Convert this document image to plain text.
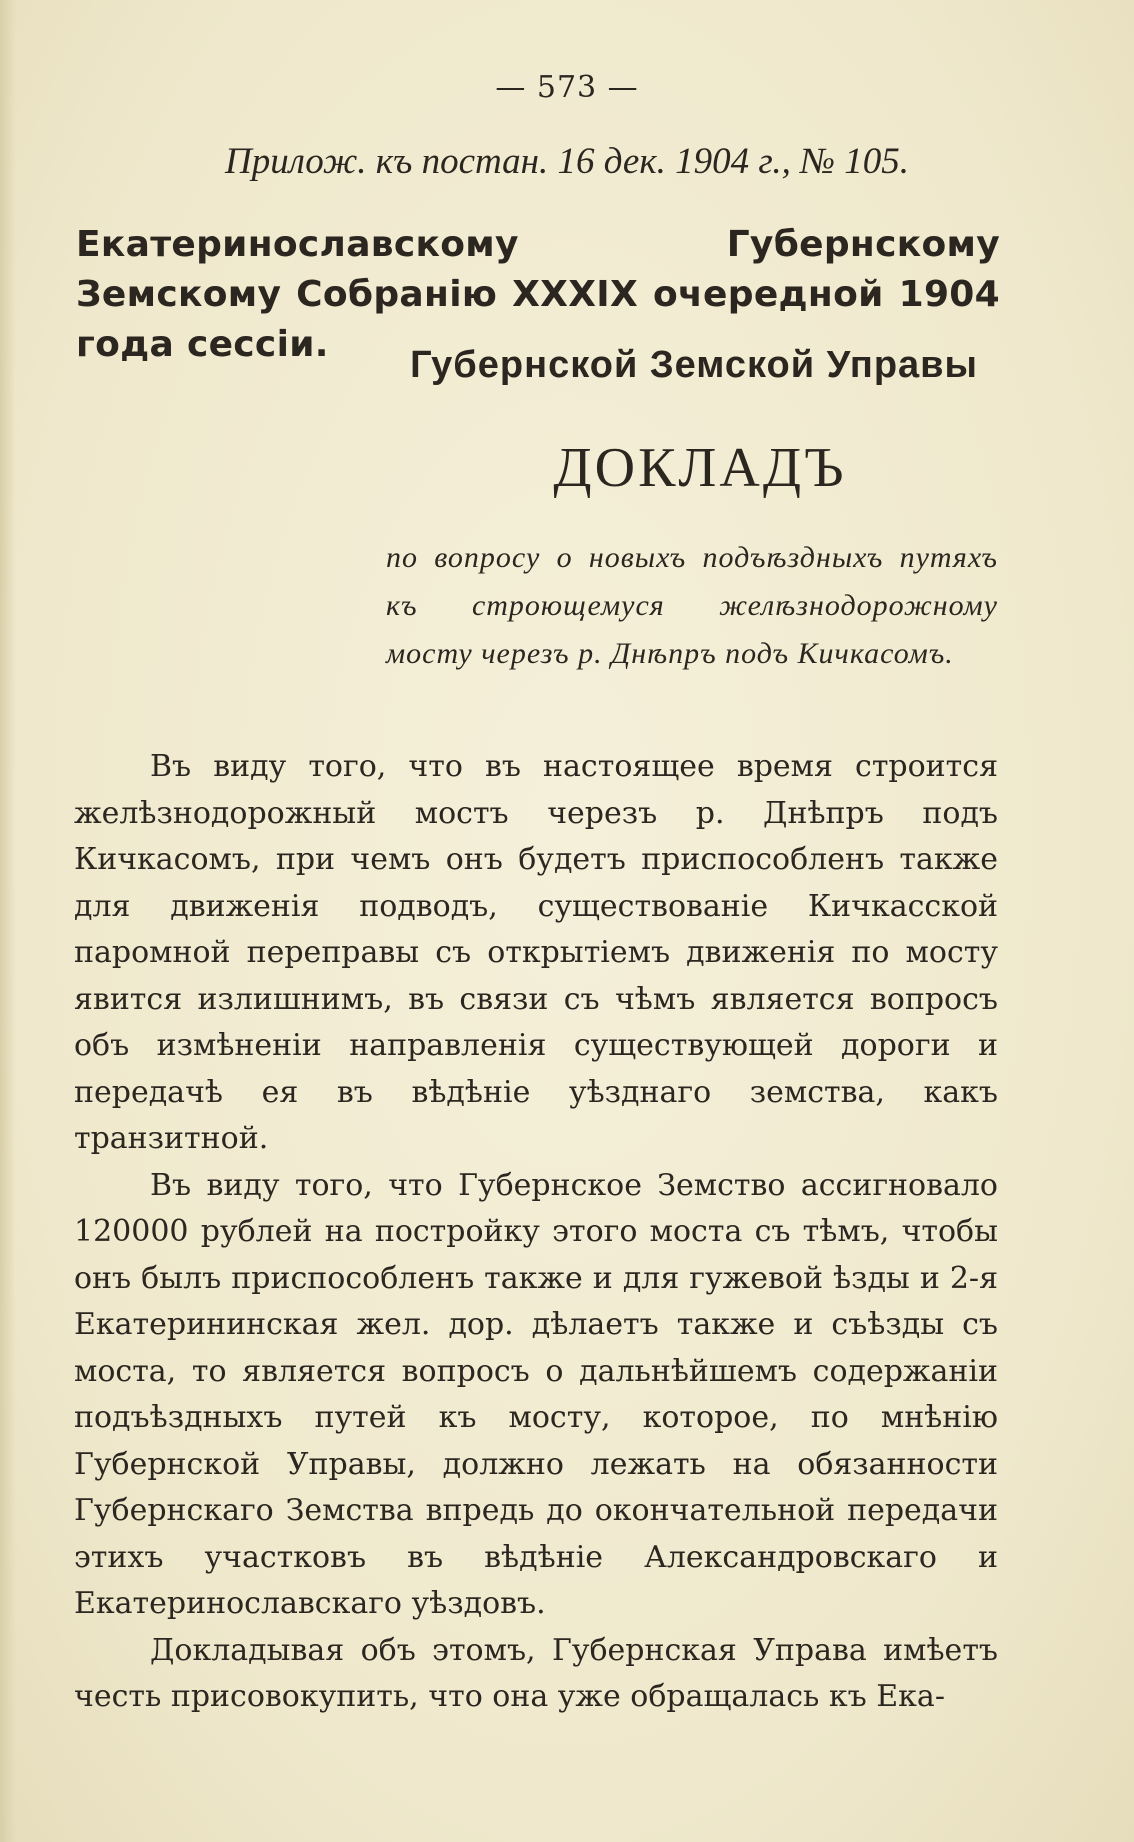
— 573 —
Прилож. къ постан. 16 дек. 1904 г., № 105.
Екатеринославскому Губернскому Земскому Собранію XXXIX очередной 1904 года сессіи.	Губернской Земской Управы
ДОКЛАДЪ
по вопросу о новыхъ подъѣздныхъ путяхъ къ строющемуся желѣзнодорожному мосту черезъ р. Днѣпръ подъ Кичкасомъ.

Въ виду того, что въ настоящее время строится желѣзнодорожный мостъ черезъ р. Днѣпръ подъ Кичкасомъ, при чемъ онъ будетъ приспособленъ также для движенія подводъ, существованіе Кичкасской паромной переправы съ открытіемъ движенія по мосту явится излишнимъ, въ связи съ чѣмъ является вопросъ объ измѣненіи направленія существующей дороги и передачѣ ея въ вѣдѣніе уѣзднаго земства, какъ транзитной.

Въ виду того, что Губернское Земство ассигновало 120000 рублей на постройку этого моста съ тѣмъ, чтобы онъ былъ приспособленъ также и для гужевой ѣзды и 2-я Екатерининская жел. дор. дѣлаетъ также и съѣзды съ моста, то является вопросъ о дальнѣйшемъ содержаніи подъѣздныхъ путей къ мосту, которое, по мнѣнію Губернской Управы, должно лежать на обязанности Губернскаго Земства впредь до окончательной передачи этихъ участковъ въ вѣдѣніе Александровскаго и Екатеринославскаго уѣздовъ.

Докладывая объ этомъ, Губернская Управа имѣетъ честь присовокупить, что она уже обращалась къ Ека-
